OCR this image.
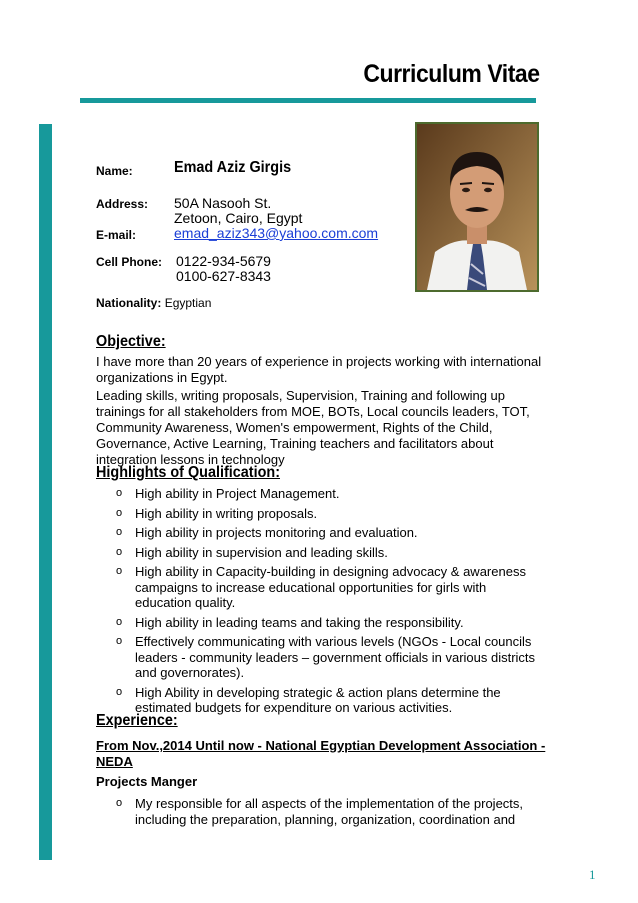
Curriculum Vitae
Name:	Emad Aziz Girgis
Address: 50A Nasooh St.
Zetoon, Cairo, Egypt
E-mail:	emad_aziz343@yahoo.com.com
Cell Phone: 0122-934-5679
0100-627-8343
Nationality: Egyptian
Objective:
I have more than 20 years of experience in projects working with international organizations in Egypt.
Leading skills, writing proposals, Supervision, Training and following up trainings for all stakeholders from MOE, BOTs, Local councils leaders, TOT, Community Awareness, Women's empowerment, Rights of the Child, Governance, Active Learning, Training teachers and facilitators about integration lessons in technology
Highlights of Qualification:
o High ability in Project Management.
o High ability in writing proposals.
o High ability in projects monitoring and evaluation.
o High ability in supervision and leading skills.
o High ability in Capacity-building in designing advocacy & awareness campaigns to increase educational opportunities for girls with education quality.
o High ability in leading teams and taking the responsibility.
o Effectively communicating with various levels (NGOs - Local councils leaders - community leaders – government officials in various districts and governorates).
o High Ability in developing strategic & action plans determine the estimated budgets for expenditure on various activities.
Experience:
From Nov.,2014 Until now - National Egyptian Development Association - NEDA
Projects Manger
o My responsible for all aspects of the implementation of the projects, including the preparation, planning, organization, coordination and
1
